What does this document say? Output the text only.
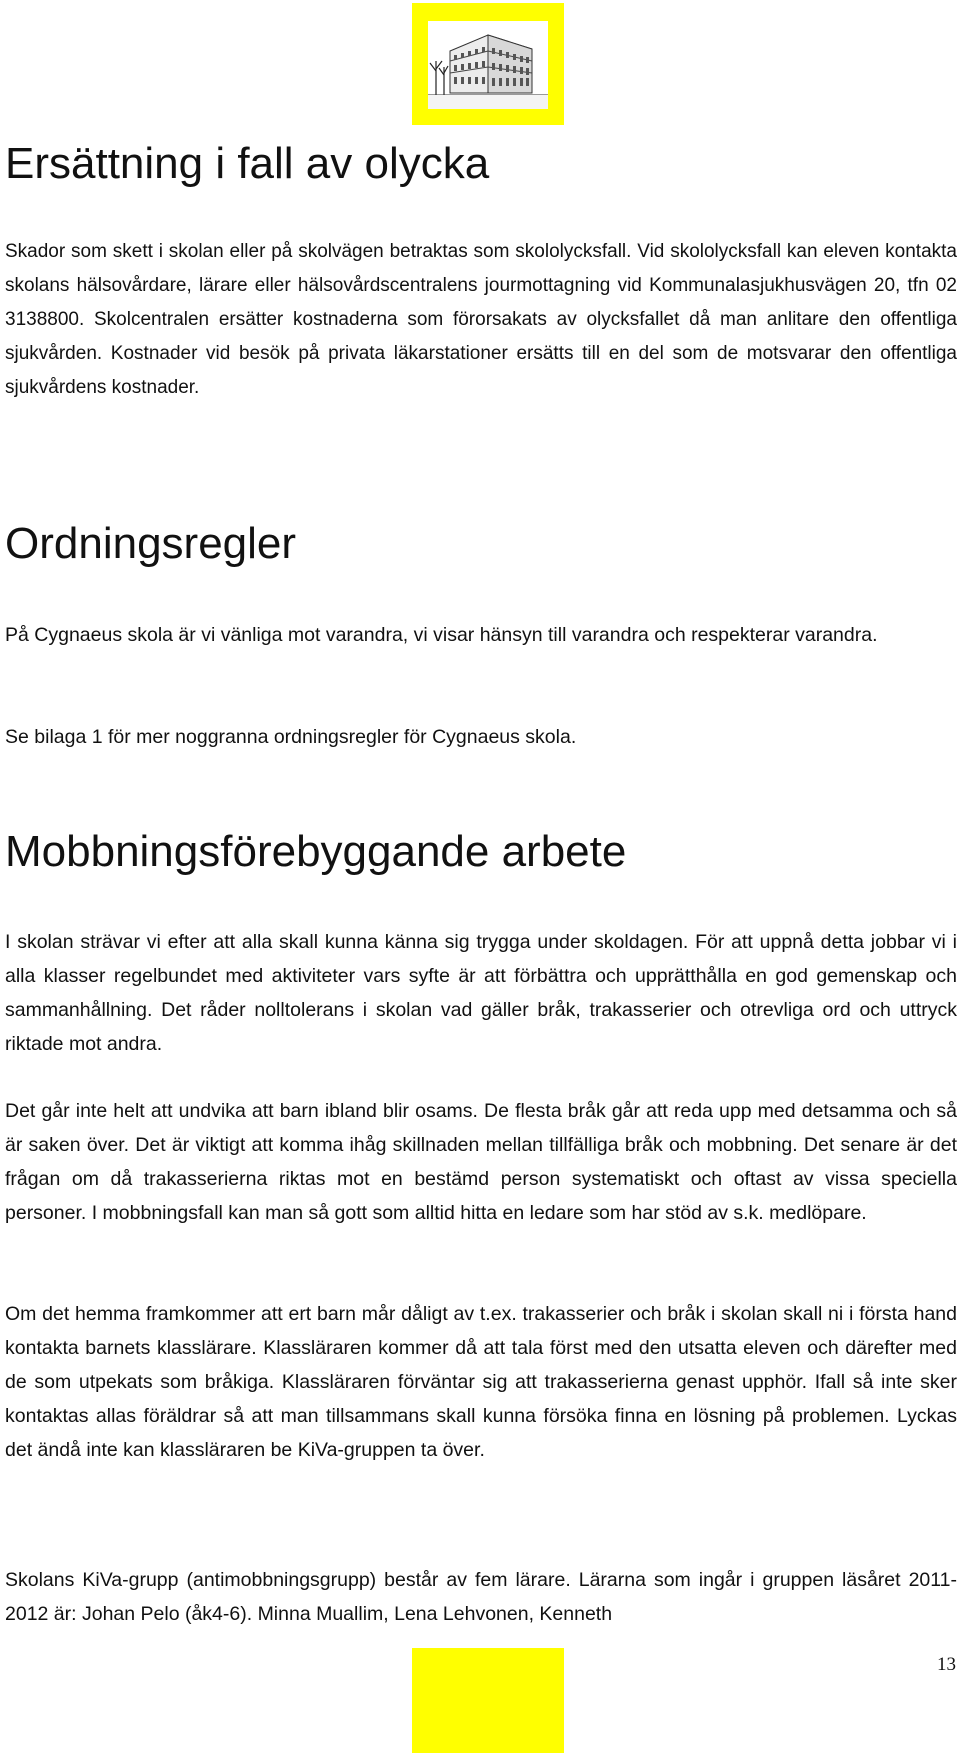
Ersättning i fall av olycka

Skador som skett i skolan eller på skolvägen betraktas som skololycksfall. Vid skololycksfall kan eleven kontakta skolans hälsovårdare, lärare eller hälsovårdscentralens jourmottagning vid Kommunalasjukhusvägen 20, tfn 02 3138800. Skolcentralen ersätter kostnaderna som förorsakats av olycksfallet då man anlitare den offentliga sjukvården. Kostnader vid besök på privata läkarstationer ersätts till en del som de motsvarar den offentliga sjukvårdens kostnader.

Ordningsregler

På Cygnaeus skola är vi vänliga mot varandra, vi visar hänsyn till varandra och respekterar varandra.

Se bilaga 1 för mer noggranna ordningsregler för Cygnaeus skola.

Mobbningsförebyggande arbete

I skolan strävar vi efter att alla skall kunna känna sig trygga under skoldagen. För att uppnå detta jobbar vi i alla klasser regelbundet med aktiviteter vars syfte är att förbättra och upprätthålla en god gemenskap och sammanhållning. Det råder nolltolerans i skolan vad gäller bråk, trakasserier och otrevliga ord och uttryck riktade mot andra.

Det går inte helt att undvika att barn ibland blir osams. De flesta bråk går att reda upp med detsamma och så är saken över. Det är viktigt att komma ihåg skillnaden mellan tillfälliga bråk och mobbning. Det senare är det frågan om då trakasserierna riktas mot en bestämd person systematiskt och oftast av vissa speciella personer. I mobbningsfall kan man så gott som alltid hitta en ledare som har stöd av s.k. medlöpare.

Om det hemma framkommer att ert barn mår dåligt av t.ex. trakasserier och bråk i skolan skall ni i första hand kontakta barnets klasslärare. Klassläraren kommer då att tala först med den utsatta eleven och därefter med de som utpekats som bråkiga. Klassläraren förväntar sig att trakasserierna genast upphör. Ifall så inte sker kontaktas allas föräldrar så att man tillsammans skall kunna försöka finna en lösning på problemen. Lyckas det ändå inte kan klassläraren be KiVa-gruppen ta över.

Skolans KiVa-grupp (antimobbningsgrupp) består av fem lärare. Lärarna som ingår i gruppen läsåret 2011-2012 är: Johan Pelo (åk4-6). Minna Muallim, Lena Lehvonen, Kenneth

13
